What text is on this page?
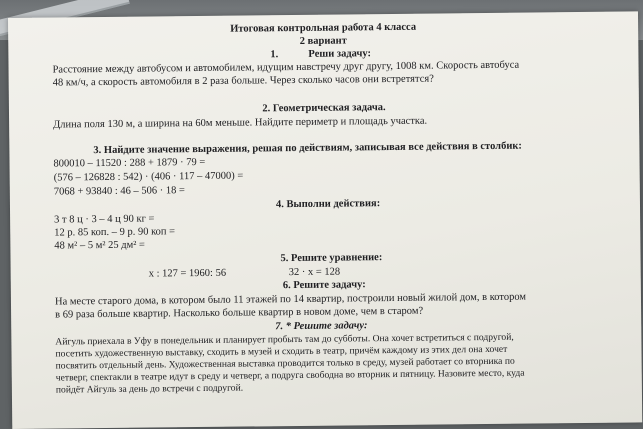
Итоговая контрольная работа 4 класса
2 вариант
1.	Реши задачу:
Расстояние между автобусом и автомобилем, идущим навстречу друг другу, 1008 км. Скорость автобуса
48 км/ч, а скорость автомобиля в 2 раза больше. Через сколько часов они встретятся?
2. Геометрическая задача.
Длина поля 130 м, а ширина на 60м меньше. Найдите периметр и площадь участка.
3. Найдите значение выражения, решая по действиям, записывая все действия в столбик:
800010 – 11520 : 288 + 1879 · 79 =
(576 – 126828 : 542) · (406 · 117 – 47000) =
7068 + 93840 : 46 – 506 · 18 =
4. Выполни действия:
3 т 8 ц · 3 – 4 ц 90 кг =
12 р. 85 коп. – 9 р. 90 коп =
48 м² – 5 м² 25 дм² =
5. Решите уравнение:
х : 127 = 1960: 56	32 · х = 128
6. Решите задачу:
На месте старого дома, в котором было 11 этажей по 14 квартир, построили новый жилой дом, в котором
в 69 раза больше квартир. Насколько больше квартир в новом доме, чем в старом?
7. * Решите задачу:
Айгуль приехала в Уфу в понедельник и планирует пробыть там до субботы. Она хочет встретиться с подругой,
посетить художественную выставку, сходить в музей и сходить в театр, причём каждому из этих дел она хочет
посвятить отдельный день. Художественная выставка проводится только в среду, музей работает со вторника по
четверг, спектакли в театре идут в среду и четверг, а подруга свободна во вторник и пятницу. Назовите место, куда
пойдёт Айгуль за день до встречи с подругой.
